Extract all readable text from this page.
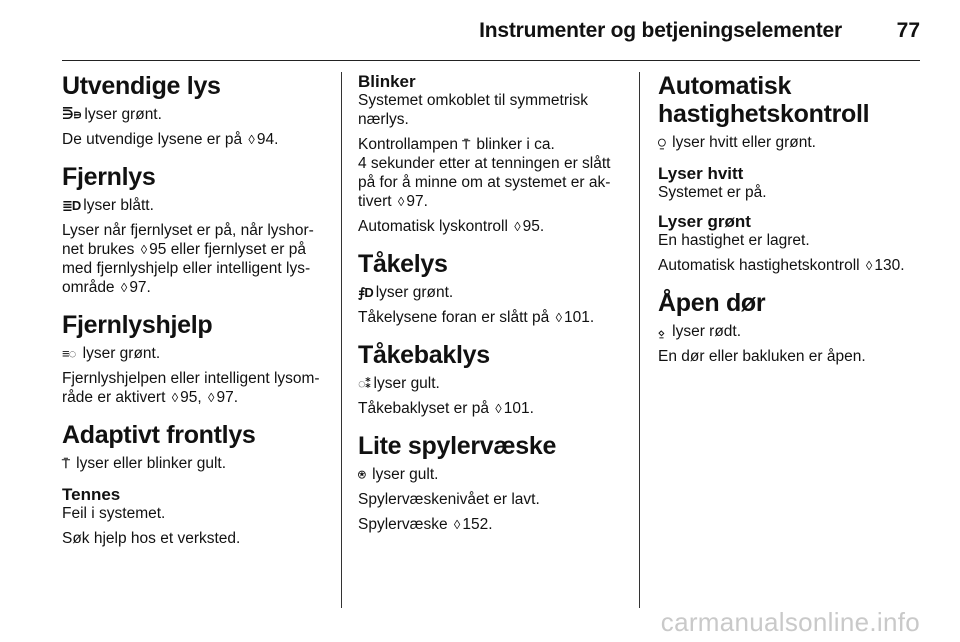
Instrumenter og betjeningselementer	77
Utvendige lys

⋽⋼ lyser grønt.

De utvendige lysene er på ◊ 94.

Fjernlys

≣D lyser blått.

Lyser når fjernlyset er på, når lyshor-
net brukes ◊ 95 eller fjernlyset er på
med fjernlyshjelp eller intelligent lys-
område ◊ 97.

Fjernlyshjelp

≡◌ lyser grønt.

Fjernlyshjelpen eller intelligent lysom-
råde er aktivert ◊ 95, ◊ 97.

Adaptivt frontlys

⍑ lyser eller blinker gult.

Tennes

Feil i systemet.

Søk hjelp hos et verksted.

Blinker

Systemet omkoblet til symmetrisk
nærlys.

Kontrollampen ⍑ blinker i ca.
4 sekunder etter at tenningen er slått
på for å minne om at systemet er ak-
tivert ◊ 97.

Automatisk lyskontroll ◊ 95.

Tåkelys

⨎D lyser grønt.

Tåkelysene foran er slått på ◊ 101.

Tåkebaklys

◌⁑ lyser gult.

Tåkebaklyset er på ◊ 101.

Lite spylervæske

⍟ lyser gult.

Spylervæskenivået er lavt.

Spylervæske ◊ 152.

Automatisk
hastighetskontroll

⍜ lyser hvitt eller grønt.

Lyser hvitt

Systemet er på.

Lyser grønt

En hastighet er lagret.

Automatisk hastighetskontroll ◊ 130.

Åpen dør

⍚ lyser rødt.

En dør eller bakluken er åpen.

carmanualsonline.info
